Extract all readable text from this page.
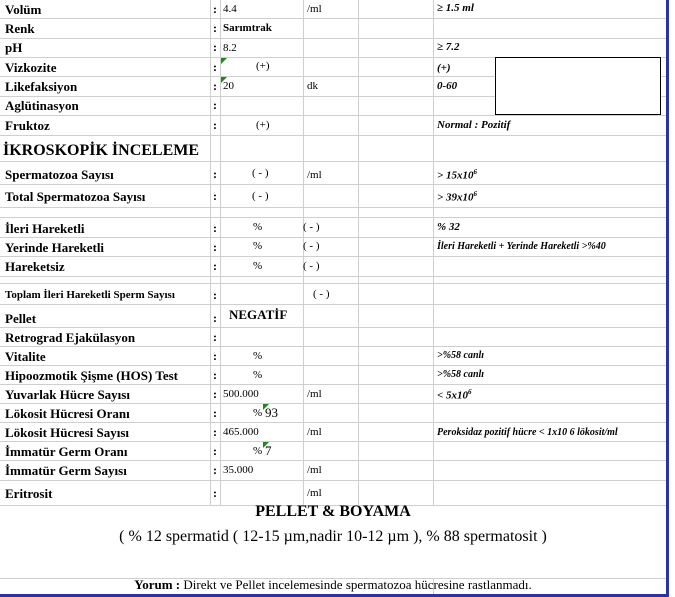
Volüm	: 4.4	/ml	≥ 1.5 ml
Renk	: Sarımtrak
pH	: 8.2	≥ 7.2
Vizkozite	:	(+)	(+)
Likefaksiyon	: 20	dk	0-60
Aglütinasyon	:
Fruktoz	:	(+)	Normal : Pozitif
İKROSKOPİK İNCELEME
Spermatozoa Sayısı	:	( - )	/ml	> $15x10^6$
Total Spermatozoa Sayısı	:	( - )	> $39x10^6$
İleri Hareketli	:	%	( - )	% 32
Yerinde Hareketli	:	%	( - )	İleri Hareketli + Yerinde Hareketli >%40
Hareketsiz	:	%	( - )
Toplam İleri Hareketli Sperm Sayısı	:	( - )
Pellet	: NEGATİF
Retrograd Ejakülasyon	:
Vitalite	:	%	>%58 canlı
Hipoozmotik Şişme (HOS) Test	:	%	>%58 canlı
Yuvarlak Hücre Sayısı	: 500.000	/ml	< $5x10^6$
Lökosit Hücresi Oranı	:	% 93
Lökosit Hücresi Sayısı	: 465.000	/ml	Peroksidaz pozitif hücre < 1x10 6 lökosit/ml
İmmatür Germ Oranı	:	% 7
İmmatür Germ Sayısı	: 35.000	/ml
Eritrosit	:	/ml
PELLET & BOYAMA
( % 12 spermatid ( 12-15 µm,nadir 10-12 µm ), % 88 spermatosit )
Yorum : Direkt ve Pellet incelemesinde spermatozoa hücresine rastlanmadı.
